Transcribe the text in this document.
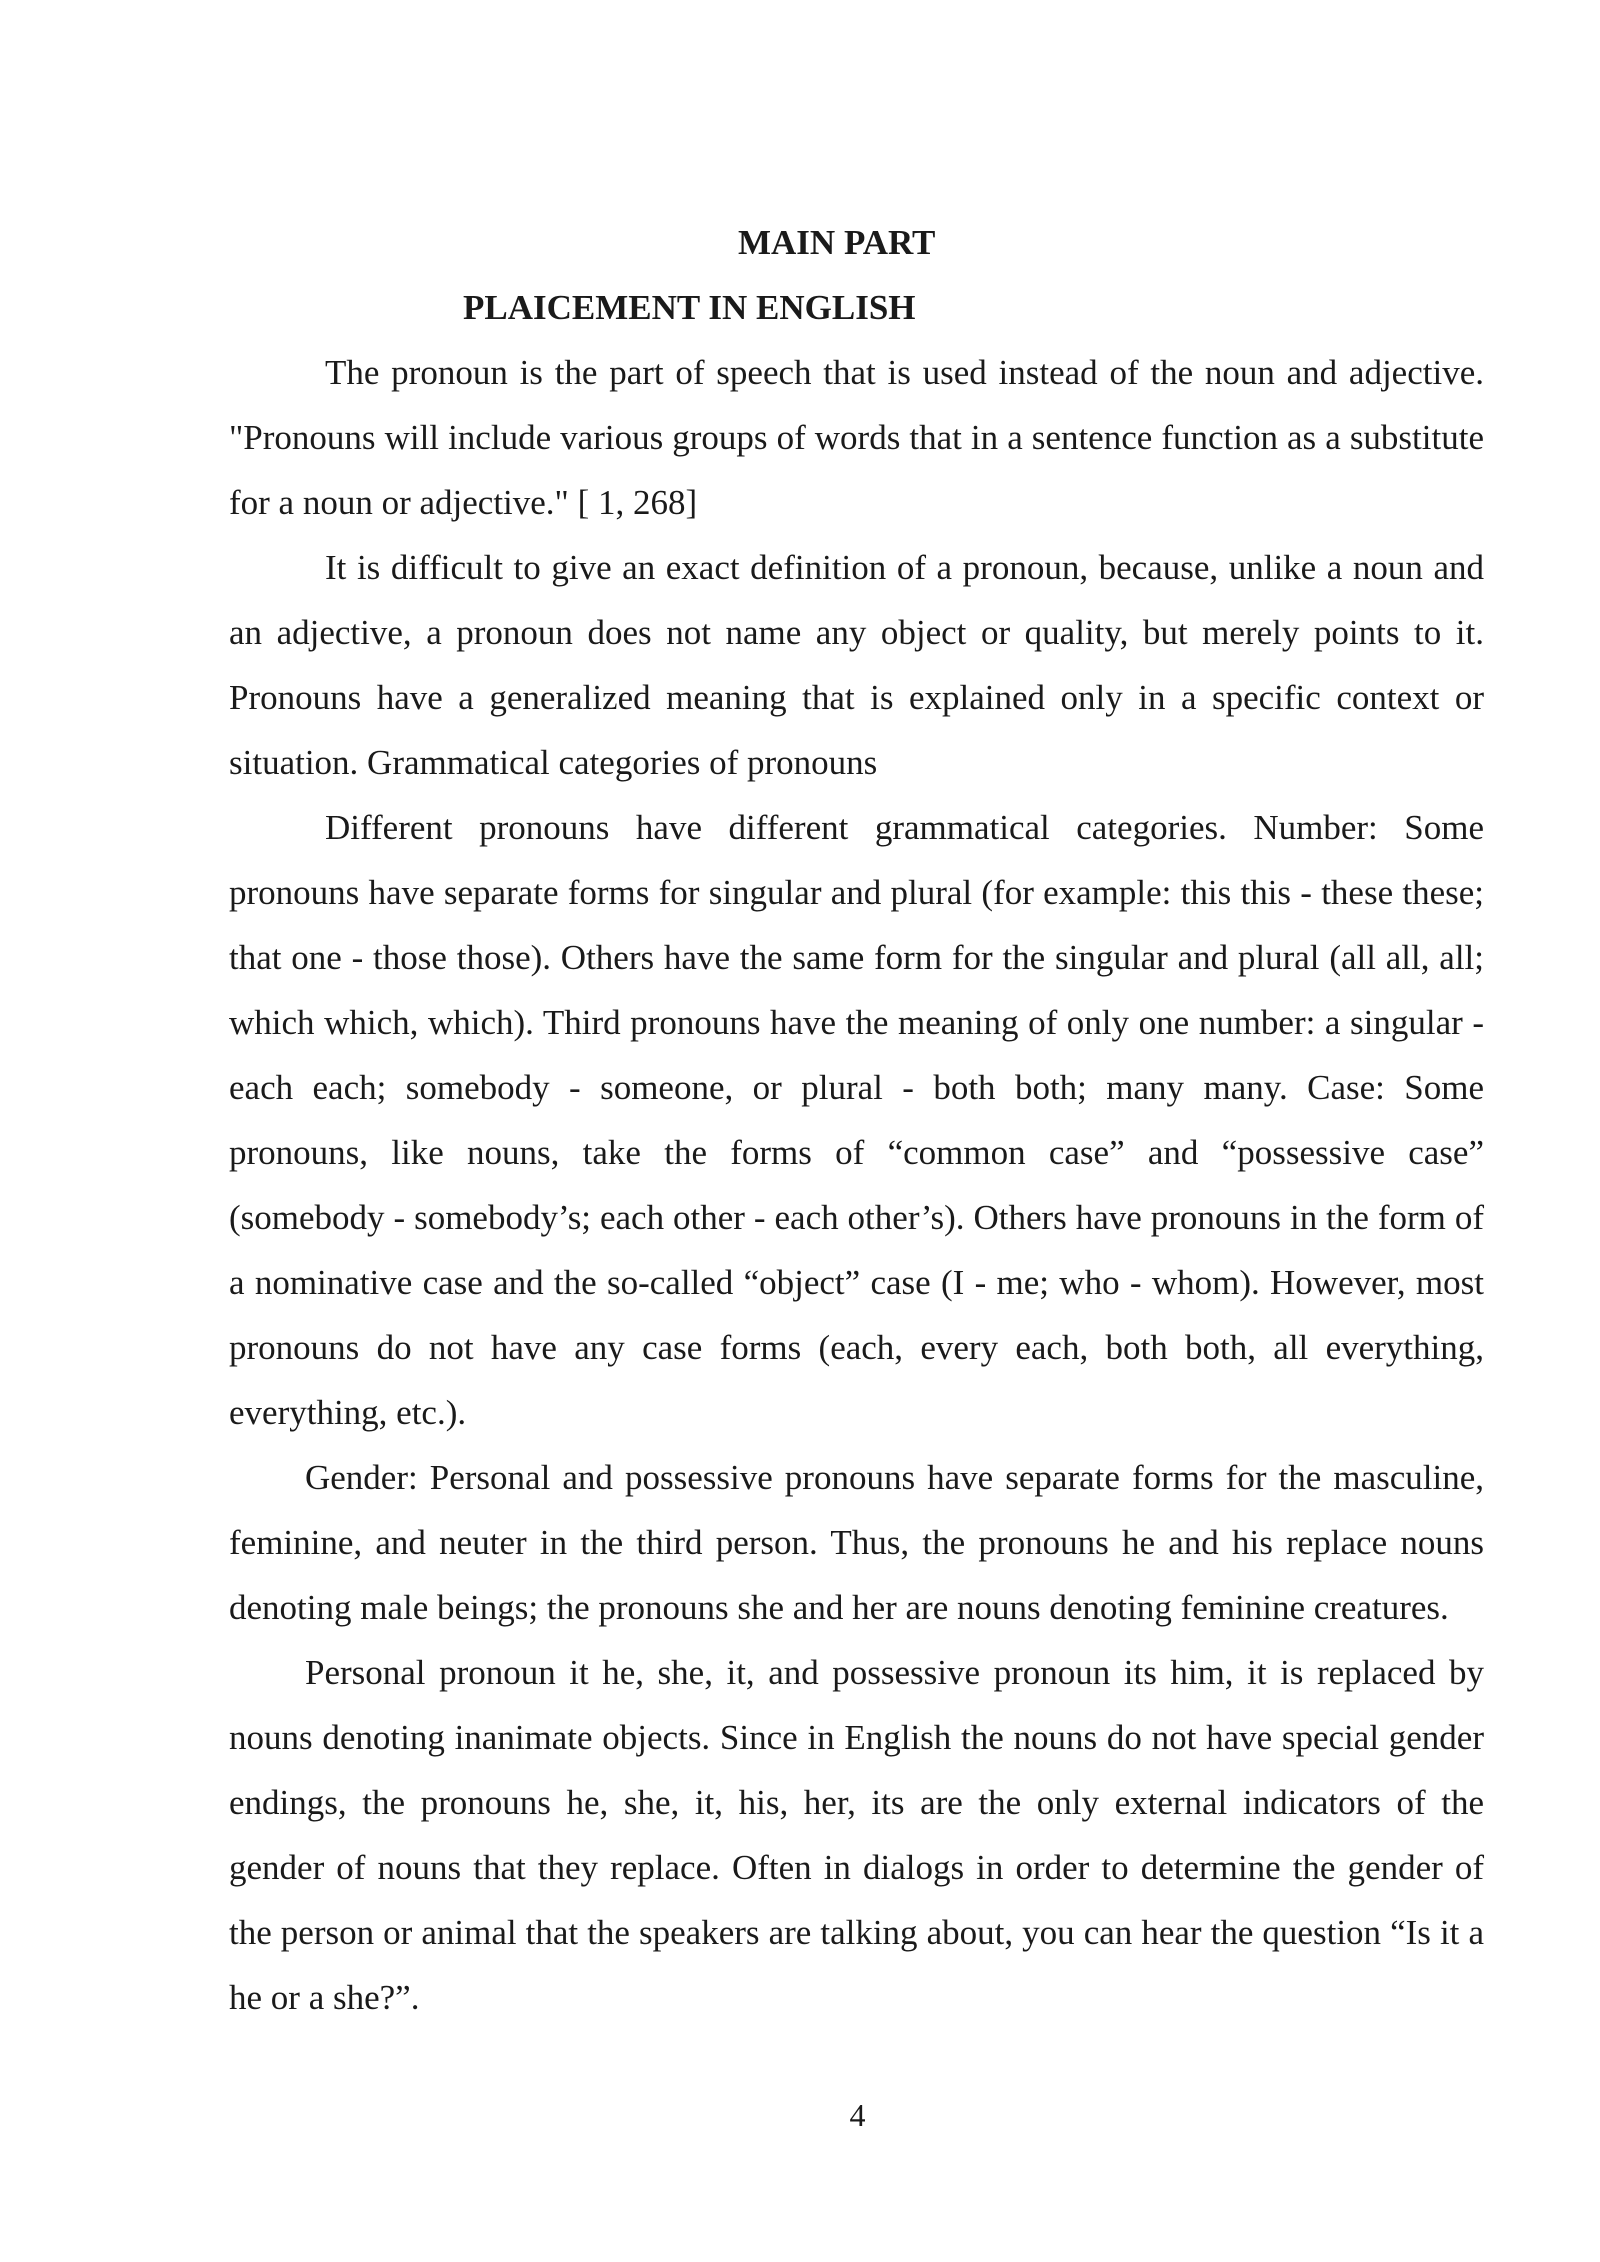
MAIN PART

PLAICEMENT IN ENGLISH

The pronoun is the part of speech that is used instead of the noun and adjective. "Pronouns will include various groups of words that in a sentence function as a substitute for a noun or adjective." [ 1, 268]

It is difficult to give an exact definition of a pronoun, because, unlike a noun and an adjective, a pronoun does not name any object or quality, but merely points to it. Pronouns have a generalized meaning that is explained only in a specific context or situation. Grammatical categories of pronouns

Different pronouns have different grammatical categories. Number: Some pronouns have separate forms for singular and plural (for example: this this - these these; that one - those those). Others have the same form for the singular and plural (all all, all; which which, which). Third pronouns have the meaning of only one number: a singular - each each; somebody - someone, or plural - both both; many many. Case: Some pronouns, like nouns, take the forms of “common case” and “possessive case” (somebody - somebody’s; each other - each other’s). Others have pronouns in the form of a nominative case and the so-called “object” case (I - me; who - whom). However, most pronouns do not have any case forms (each, every each, both both, all everything, everything, etc.).

Gender: Personal and possessive pronouns have separate forms for the masculine, feminine, and neuter in the third person. Thus, the pronouns he and his replace nouns denoting male beings; the pronouns she and her are nouns denoting feminine creatures.

Personal pronoun it he, she, it, and possessive pronoun its him, it is replaced by nouns denoting inanimate objects. Since in English the nouns do not have special gender endings, the pronouns he, she, it, his, her, its are the only external indicators of the gender of nouns that they replace. Often in dialogs in order to determine the gender of the person or animal that the speakers are talking about, you can hear the question “Is it a he or a she?”.

4
